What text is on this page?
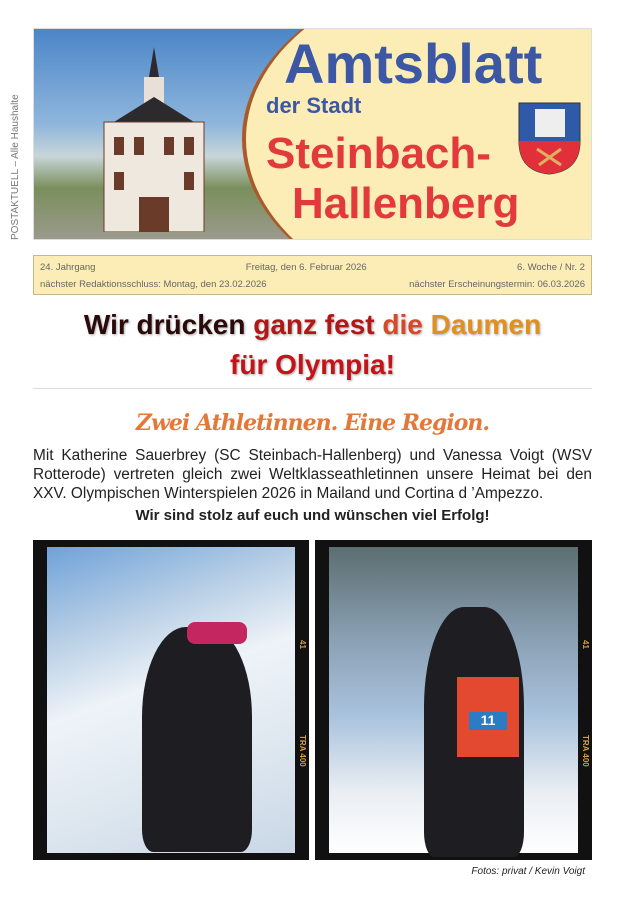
POSTAKTUELL – Alle Haushalte
Amtsblatt
der Stadt
Steinbach-
Hallenberg
24. Jahrgang	Freitag, den 6. Februar 2026	6. Woche / Nr. 2
nächster Redaktionsschluss: Montag, den 23.02.2026	nächster Erscheinungstermin: 06.03.2026
Wir drücken ganz fest die Daumen
für Olympia!
Zwei Athletinnen. Eine Region.
Mit Katherine Sauerbrey (SC Steinbach-Hallenberg) und Vanessa Voigt (WSV Rotterode) vertreten gleich zwei Weltklasseathletinnen unsere Heimat bei den XXV. Olympischen Winterspielen 2026 in Mailand und Cortina d ’Ampezzo.
Wir sind stolz auf euch und wünschen viel Erfolg!
41
TRA 400
11
41
TRA 400
Fotos: privat / Kevin Voigt
